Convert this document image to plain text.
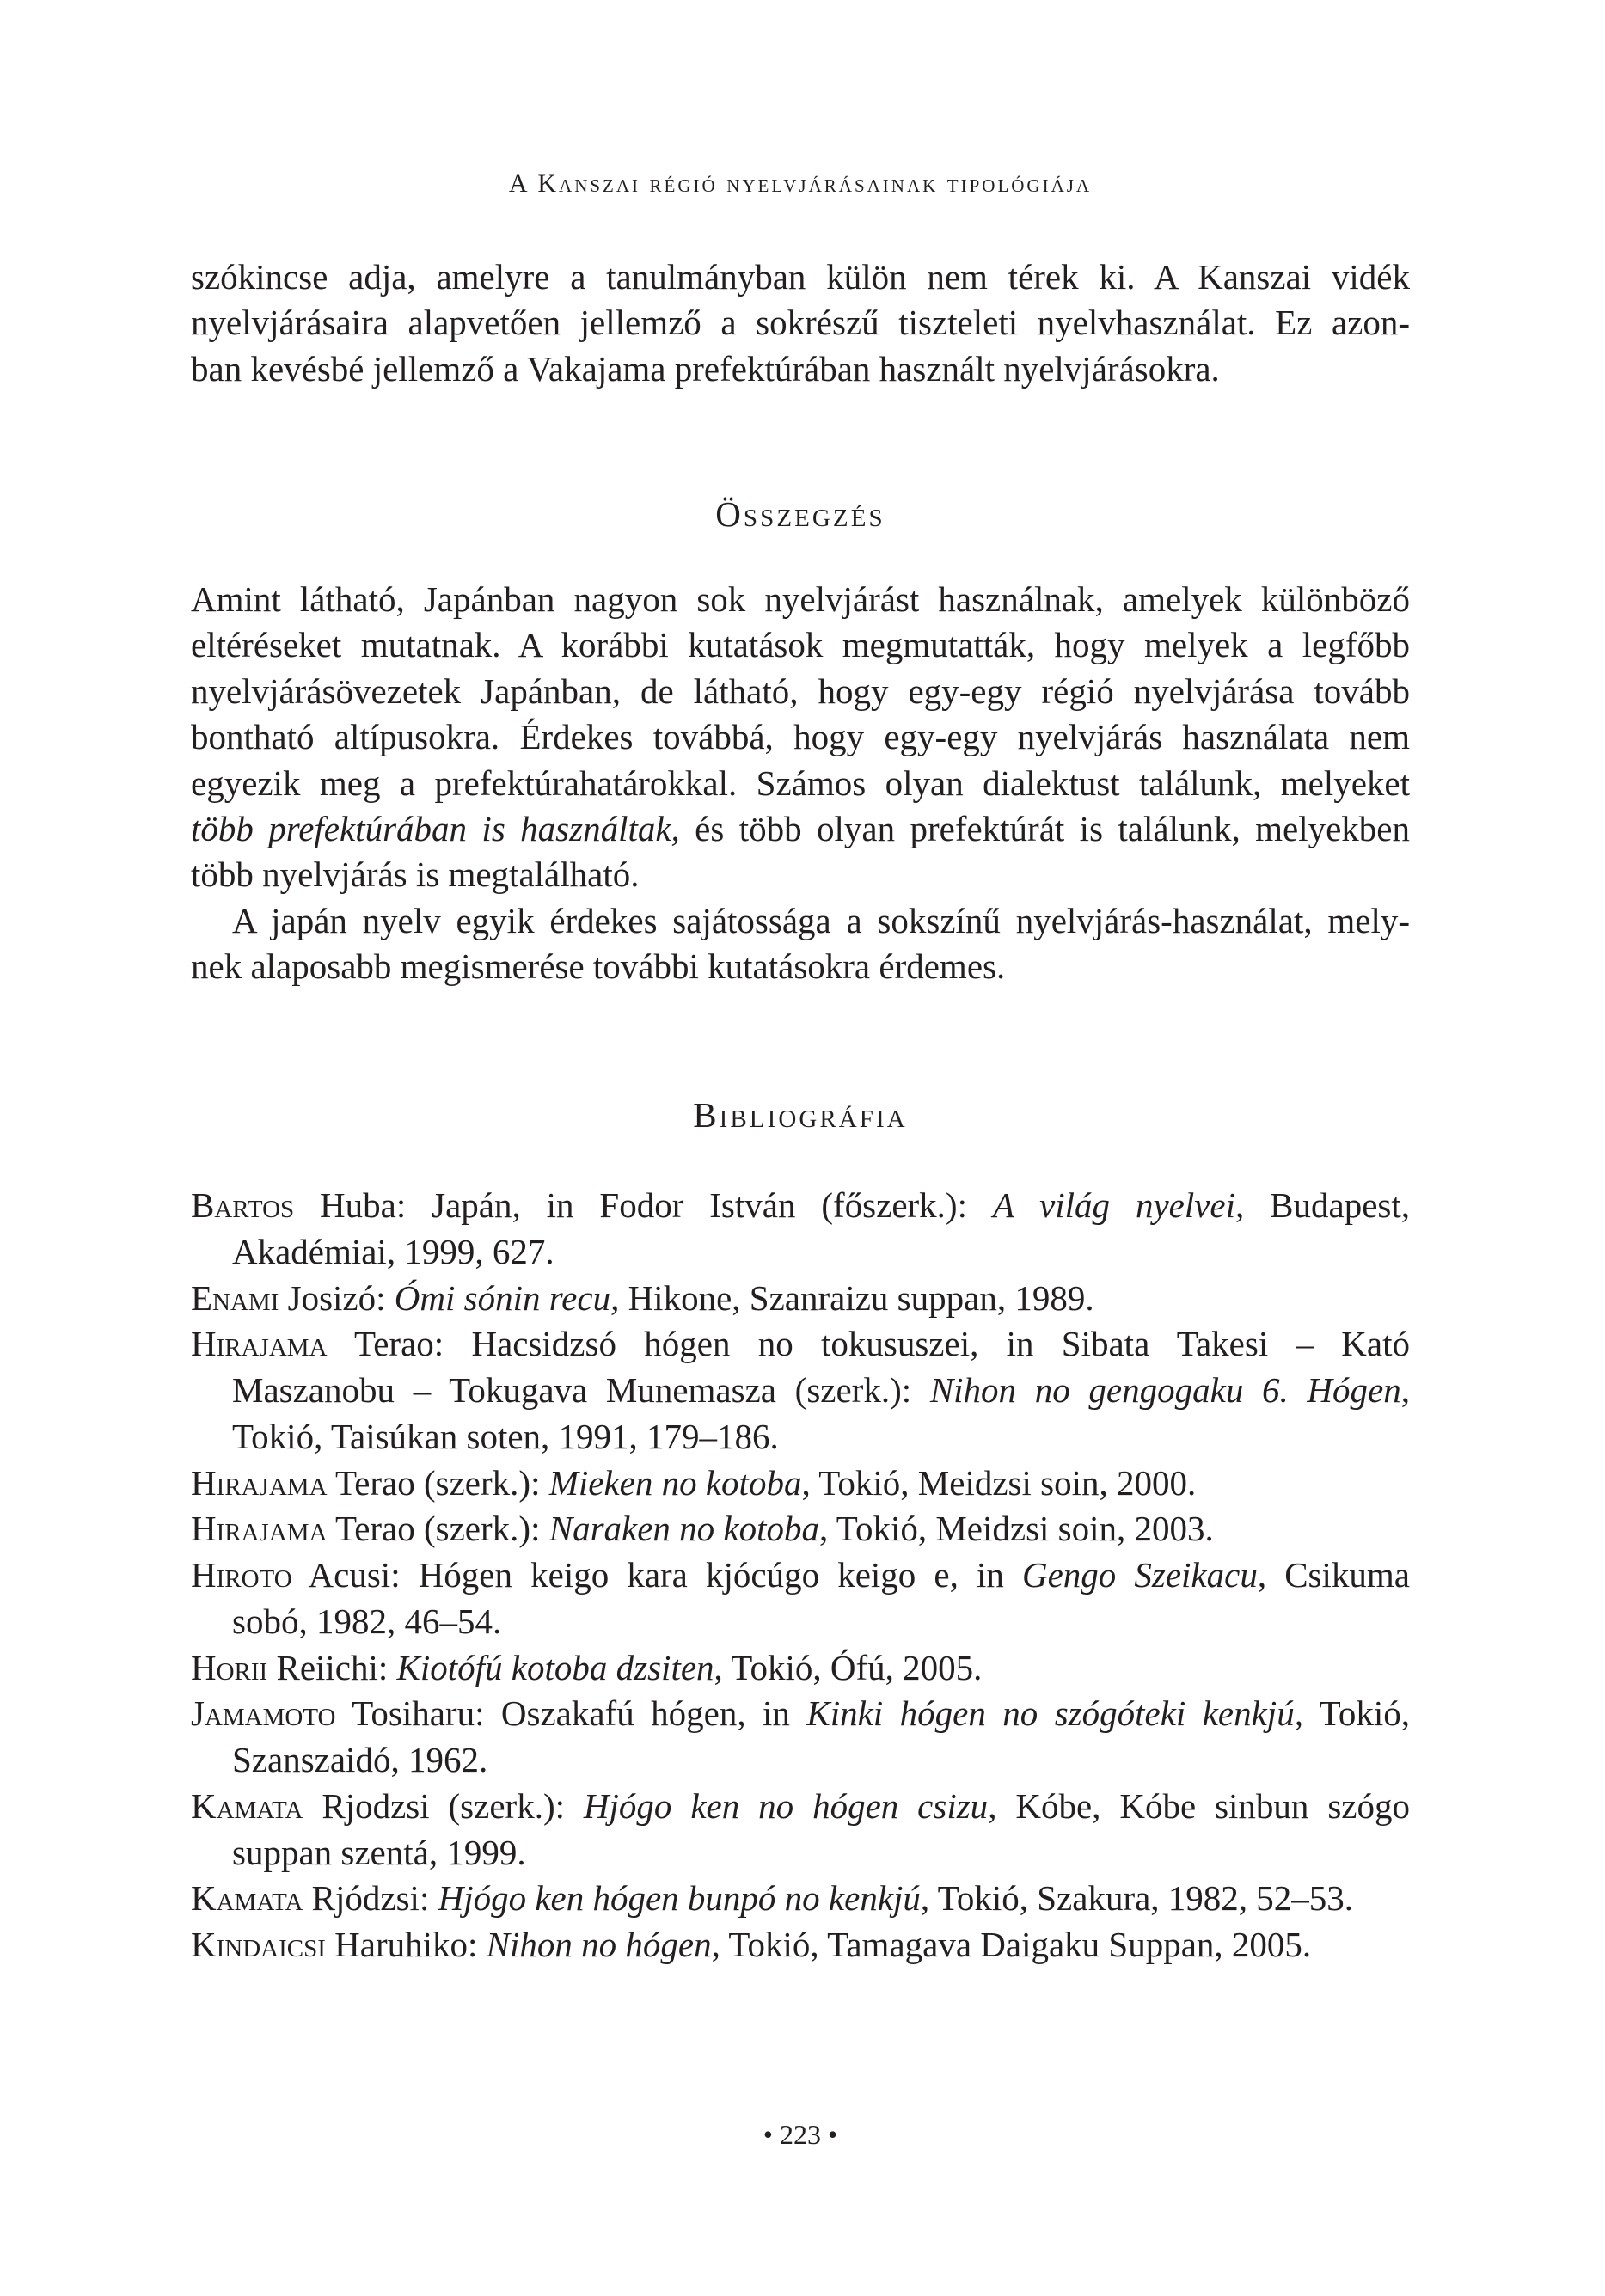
A Kanszai régió nyelvjárásainak tipológiája
szókincse adja, amelyre a tanulmányban külön nem térek ki. A Kanszai vidék
nyelvjárásaira alapvetően jellemző a sokrészű tiszteleti nyelvhasználat. Ez azon-
ban kevésbé jellemző a Vakajama prefektúrában használt nyelvjárásokra.
Összegzés
Amint látható, Japánban nagyon sok nyelvjárást használnak, amelyek különböző
eltéréseket mutatnak. A korábbi kutatások megmutatták, hogy melyek a legfőbb
nyelvjárásövezetek Japánban, de látható, hogy egy-egy régió nyelvjárása tovább
bontható altípusokra. Érdekes továbbá, hogy egy-egy nyelvjárás használata nem
egyezik meg a prefektúrahatárokkal. Számos olyan dialektust találunk, melyeket
több prefektúrában is használtak, és több olyan prefektúrát is találunk, melyekben
több nyelvjárás is megtalálható.
A japán nyelv egyik érdekes sajátossága a sokszínű nyelvjárás-használat, mely-
nek alaposabb megismerése további kutatásokra érdemes.
Bibliográfia
Bartos Huba: Japán, in Fodor István (főszerk.): A világ nyelvei, Budapest,
Akadémiai, 1999, 627.
Enami Josizó: Ómi sónin recu, Hikone, Szanraizu suppan, 1989.
Hirajama Terao: Hacsidzsó hógen no tokususzei, in Sibata Takesi – Kató
Maszanobu – Tokugava Munemasza (szerk.): Nihon no gengogaku 6. Hógen,
Tokió, Taisúkan soten, 1991, 179–186.
Hirajama Terao (szerk.): Mieken no kotoba, Tokió, Meidzsi soin, 2000.
Hirajama Terao (szerk.): Naraken no kotoba, Tokió, Meidzsi soin, 2003.
Hiroto Acusi: Hógen keigo kara kjócúgo keigo e, in Gengo Szeikacu, Csikuma
sobó, 1982, 46–54.
Horii Reiichi: Kiotófú kotoba dzsiten, Tokió, Ófú, 2005.
Jamamoto Tosiharu: Oszakafú hógen, in Kinki hógen no szógóteki kenkjú, Tokió,
Szanszaidó, 1962.
Kamata Rjodzsi (szerk.): Hjógo ken no hógen csizu, Kóbe, Kóbe sinbun szógo
suppan szentá, 1999.
Kamata Rjódzsi: Hjógo ken hógen bunpó no kenkjú, Tokió, Szakura, 1982, 52–53.
Kindaicsi Haruhiko: Nihon no hógen, Tokió, Tamagava Daigaku Suppan, 2005.
• 223 •
